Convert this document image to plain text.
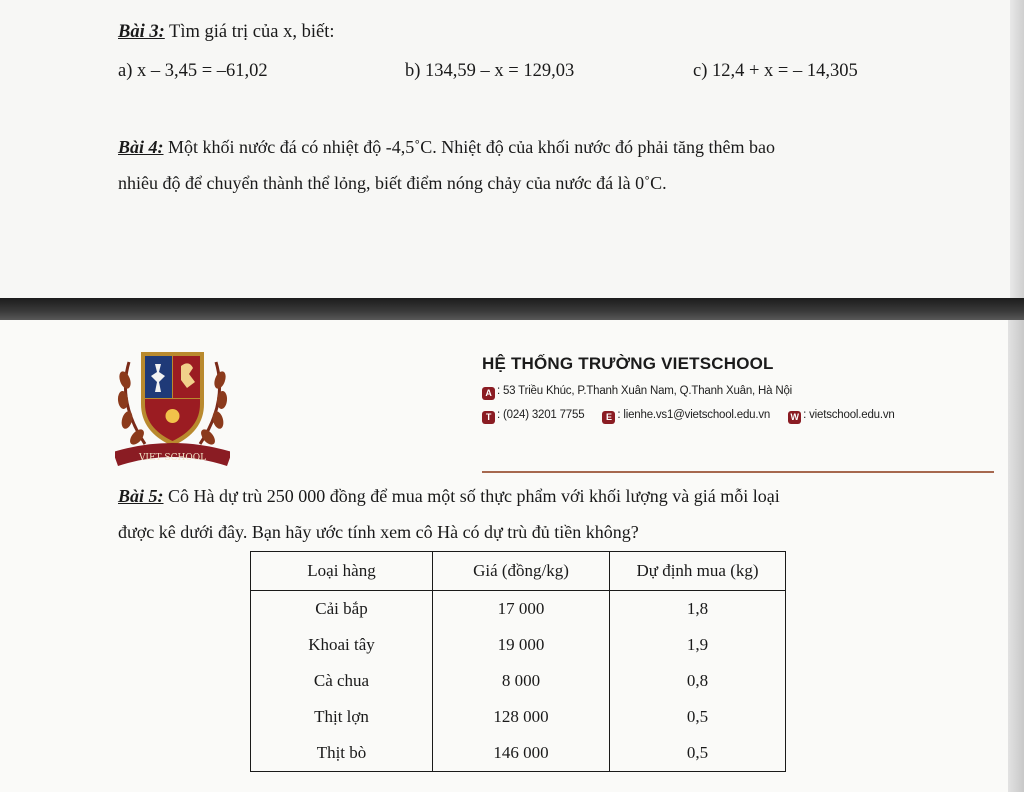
Bài 3: Tìm giá trị của x, biết:
a) x – 3,45 = –61,02	b) 134,59 – x = 129,03	c) 12,4 + x = – 14,305
Bài 4: Một khối nước đá có nhiệt độ -4,5˚C. Nhiệt độ của khối nước đó phải tăng thêm bao
nhiêu độ để chuyển thành thể lỏng, biết điểm nóng chảy của nước đá là 0˚C.
VIET SCHOOL
HỆ THỐNG TRƯỜNG VIETSCHOOL
A : 53 Triều Khúc, P.Thanh Xuân Nam, Q.Thanh Xuân, Hà Nội
T : (024) 3201 7755 E : lienhe.vs1@vietschool.edu.vn W : vietschool.edu.vn
Bài 5: Cô Hà dự trù 250 000 đồng để mua một số thực phẩm với khối lượng và giá mỗi loại
được kê dưới đây. Bạn hãy ước tính xem cô Hà có dự trù đủ tiền không?
Loại hàng	Giá (đồng/kg)	Dự định mua (kg)
Cải bắp	17 000	1,8
Khoai tây	19 000	1,9
Cà chua	8 000	0,8
Thịt lợn	128 000	0,5
Thịt bò	146 000	0,5
